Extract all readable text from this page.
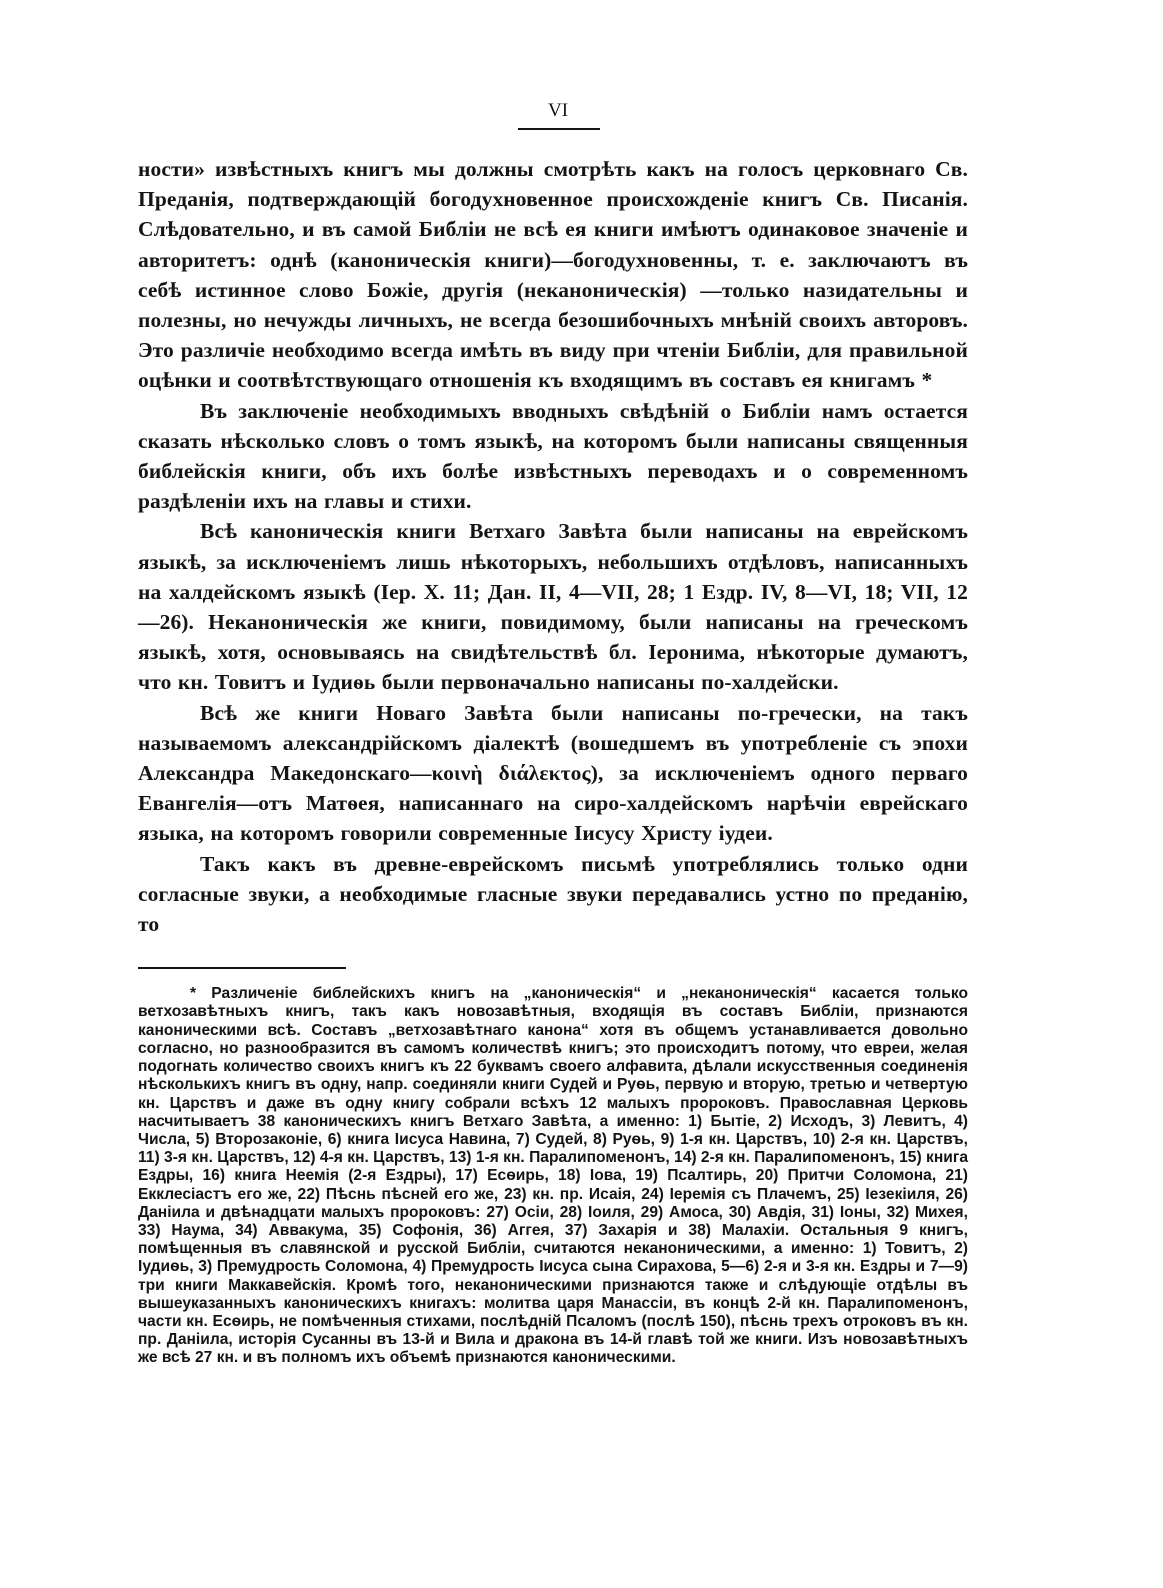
VI

ности» извѣстныхъ книгъ мы должны смотрѣть какъ на голосъ церковнаго Св. Преданія, подтверждающій богодухновенное происхожденіе книгъ Св. Писанія. Слѣдовательно, и въ самой Библіи не всѣ ея книги имѣютъ одинаковое значеніе и авторитетъ: однѣ (каноническія книги)—богодухновенны, т. е. заключаютъ въ себѣ истинное слово Божіе, другія (неканоническія) —только назидательны и полезны, но нечужды личныхъ, не всегда безошибочныхъ мнѣній своихъ авторовъ. Это различіе необходимо всегда имѣть въ виду при чтеніи Библіи, для правильной оцѣнки и соотвѣтствующаго отношенія къ входящимъ въ составъ ея книгамъ *

Въ заключеніе необходимыхъ вводныхъ свѣдѣній о Библіи намъ остается сказать нѣсколько словъ о томъ языкѣ, на которомъ были написаны священныя библейскія книги, объ ихъ болѣе извѣстныхъ переводахъ и о современномъ раздѣленіи ихъ на главы и стихи.

Всѣ каноническія книги Ветхаго Завѣта были написаны на еврейскомъ языкѣ, за исключеніемъ лишь нѣкоторыхъ, небольшихъ отдѣловъ, написанныхъ на халдейскомъ языкѣ (Іер. X. 11; Дан. II, 4—VII, 28; 1 Ездр. IV, 8—VI, 18; VII, 12—26). Неканоническія же книги, повидимому, были написаны на греческомъ языкѣ, хотя, основываясь на свидѣтельствѣ бл. Іеронима, нѣкоторые думаютъ, что кн. Товитъ и Іудиѳь были первоначально написаны по-халдейски.

Всѣ же книги Новаго Завѣта были написаны по-гречески, на такъ называемомъ александрійскомъ діалектѣ (вошедшемъ въ употребленіе съ эпохи Александра Македонскаго—κοινὴ διάλεκτος), за исключеніемъ одного перваго Евангелія—отъ Матѳея, написаннаго на сиро-халдейскомъ нарѣчіи еврейскаго языка, на которомъ говорили современные Іисусу Христу іудеи.

Такъ какъ въ древне-еврейскомъ письмѣ употреблялись только одни согласные звуки, а необходимые гласные звуки передавались устно по преданію, то

* Различеніе библейскихъ книгъ на „каноническія“ и „неканоническія“ касается только ветхозавѣтныхъ книгъ, такъ какъ новозавѣтныя, входящія въ составъ Библіи, признаются каноническими всѣ. Составъ „ветхозавѣтнаго канона“ хотя въ общемъ устанавливается довольно согласно, но разнообразится въ самомъ количествѣ книгъ; это происходитъ потому, что евреи, желая подогнать количество своихъ книгъ къ 22 буквамъ своего алфавита, дѣлали искусственныя соединенія нѣсколькихъ книгъ въ одну, напр. соединяли книги Судей и Руѳь, первую и вторую, третью и четвертую кн. Царствъ и даже въ одну книгу собрали всѣхъ 12 малыхъ пророковъ. Православная Церковь насчитываетъ 38 каноническихъ книгъ Ветхаго Завѣта, а именно: 1) Бытіе, 2) Исходъ, 3) Левитъ, 4) Числа, 5) Второзаконіе, 6) книга Іисуса Навина, 7) Судей, 8) Руѳь, 9) 1-я кн. Царствъ, 10) 2-я кн. Царствъ, 11) 3-я кн. Царствъ, 12) 4-я кн. Царствъ, 13) 1-я кн. Паралипоменонъ, 14) 2-я кн. Паралипоменонъ, 15) книга Ездры, 16) книга Неемія (2-я Ездры), 17) Есѳирь, 18) Іова, 19) Псалтирь, 20) Притчи Соломона, 21) Екклесіастъ его же, 22) Пѣснь пѣсней его же, 23) кн. пр. Исаія, 24) Іеремія съ Плачемъ, 25) Іезекіиля, 26) Даніила и двѣнадцати малыхъ пророковъ: 27) Осіи, 28) Іоиля, 29) Амоса, 30) Авдія, 31) Іоны, 32) Михея, 33) Наума, 34) Аввакума, 35) Софонія, 36) Аггея, 37) Захарія и 38) Малахіи. Остальныя 9 книгъ, помѣщенныя въ славянской и русской Библіи, считаются неканоническими, а именно: 1) Товитъ, 2) Іудиѳь, 3) Премудрость Соломона, 4) Премудрость Іисуса сына Сирахова, 5—6) 2-я и 3-я кн. Ездры и 7—9) три книги Маккавейскія. Кромѣ того, неканоническими признаются также и слѣдующіе отдѣлы въ вышеуказанныхъ каноническихъ книгахъ: молитва царя Манассіи, въ концѣ 2-й кн. Паралипоменонъ, части кн. Есѳирь, не помѣченныя стихами, послѣдній Псаломъ (послѣ 150), пѣснь трехъ отроковъ въ кн. пр. Даніила, исторія Сусанны въ 13-й и Вила и дракона въ 14-й главѣ той же книги. Изъ новозавѣтныхъ же всѣ 27 кн. и въ полномъ ихъ объемѣ признаются каноническими.
